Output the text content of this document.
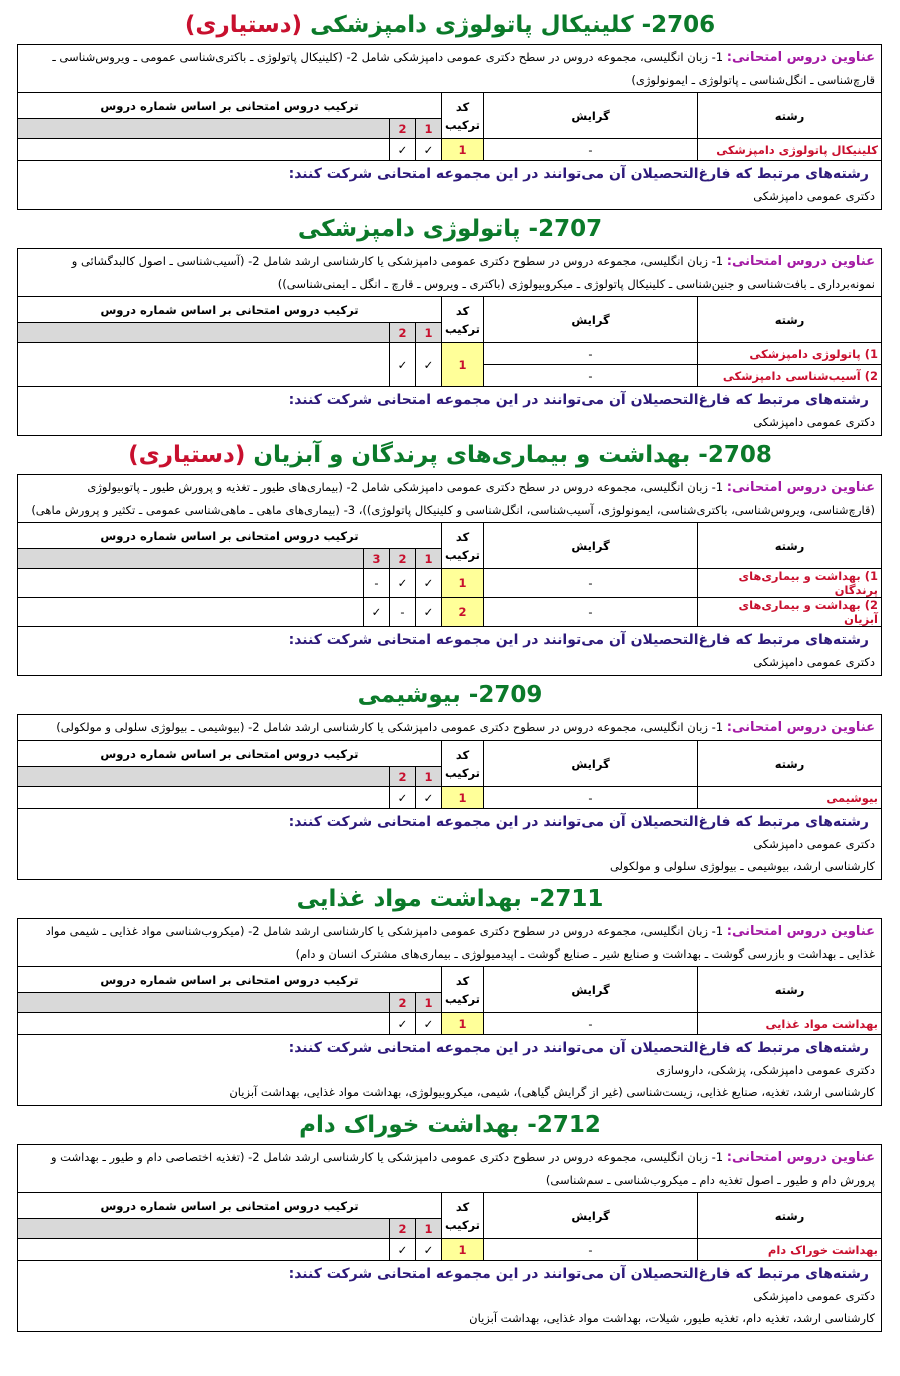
2706- کلینیکال پاتولوژی دامپزشکی (دستیاری)
عناوین دروس امتحانی: 1- زبان انگلیسی، مجموعه دروس در سطح دکتری عمومی دامپزشکی شامل 2- (کلینیکال پاتولوژی ـ باکتری‌شناسی عمومی ـ ویروس‌شناسی ـ قارچ‌شناسی ـ انگل‌شناسی ـ پاتولوژی ـ ایمونولوژی)					
رشته	گرایش	کد ترکیب	ترکیب دروس امتحانی بر اساس شماره دروس		
			1	2	
کلینیکال پاتولوژی دامپزشکی	-	1	✓	✓	

رشته‌های مرتبط که فارغ‌التحصیلان آن می‌توانند در این مجموعه امتحانی شرکت کنند:
دکتری عمومی دامپزشکی					
2707- پاتولوژی دامپزشکی
عناوین دروس امتحانی: 1- زبان انگلیسی، مجموعه دروس در سطوح دکتری عمومی دامپزشکی یا کارشناسی ارشد شامل 2- (آسیب‌شناسی ـ اصول کالبدگشائی و نمونه‌برداری ـ بافت‌شناسی و جنین‌شناسی ـ کلینیکال پاتولوژی ـ میکروبیولوژی (باکتری ـ ویروس ـ قارچ ـ انگل ـ ایمنی‌شناسی))					
رشته	گرایش	کد ترکیب	ترکیب دروس امتحانی بر اساس شماره دروس		
			1	2	
1) پاتولوژی دامپزشکی	-	1	✓	✓	
2) آسیب‌شناسی دامپزشکی	-				

رشته‌های مرتبط که فارغ‌التحصیلان آن می‌توانند در این مجموعه امتحانی شرکت کنند:
دکتری عمومی دامپزشکی					
2708- بهداشت و بیماری‌های پرندگان و آبزیان (دستیاری)
عناوین دروس امتحانی: 1- زبان انگلیسی، مجموعه دروس در سطح دکتری عمومی دامپزشکی شامل 2- (بیماری‌های طیور ـ تغذیه و پرورش طیور ـ پاتوبیولوژی (قارچ‌شناسی، ویروس‌شناسی، باکتری‌شناسی، ایمونولوژی، آسیب‌شناسی، انگل‌شناسی و کلینیکال پاتولوژی))، 3- (بیماری‌های ماهی ـ ماهی‌شناسی عمومی ـ تکثیر و پرورش ماهی)						
رشته	گرایش	کد ترکیب	ترکیب دروس امتحانی بر اساس شماره دروس			
			1	2	3	
1) بهداشت و بیماری‌های پرندگان	-	1	✓	✓	-	
2) بهداشت و بیماری‌های آبزیان	-	2	✓	-	✓	

رشته‌های مرتبط که فارغ‌التحصیلان آن می‌توانند در این مجموعه امتحانی شرکت کنند:
دکتری عمومی دامپزشکی						
2709- بیوشیمی
عناوین دروس امتحانی: 1- زبان انگلیسی، مجموعه دروس در سطوح دکتری عمومی دامپزشکی یا کارشناسی ارشد شامل 2- (بیوشیمی ـ بیولوژی سلولی و مولکولی)					
رشته	گرایش	کد ترکیب	ترکیب دروس امتحانی بر اساس شماره دروس		
			1	2	
بیوشیمی	-	1	✓	✓	

رشته‌های مرتبط که فارغ‌التحصیلان آن می‌توانند در این مجموعه امتحانی شرکت کنند:
دکتری عمومی دامپزشکی
کارشناسی ارشد، بیوشیمی ـ بیولوژی سلولی و مولکولی					
2711- بهداشت مواد غذایی
عناوین دروس امتحانی: 1- زبان انگلیسی، مجموعه دروس در سطوح دکتری عمومی دامپزشکی یا کارشناسی ارشد شامل 2- (میکروب‌شناسی مواد غذایی ـ شیمی مواد غذایی ـ بهداشت و بازرسی گوشت ـ بهداشت و صنایع شیر ـ صنایع گوشت ـ اپیدمیولوژی ـ بیماری‌های مشترک انسان و دام)					
رشته	گرایش	کد ترکیب	ترکیب دروس امتحانی بر اساس شماره دروس		
			1	2	
بهداشت مواد غذایی	-	1	✓	✓	

رشته‌های مرتبط که فارغ‌التحصیلان آن می‌توانند در این مجموعه امتحانی شرکت کنند:
دکتری عمومی دامپزشکی، پزشکی، داروسازی
کارشناسی ارشد، تغذیه، صنایع غذایی، زیست‌شناسی (غیر از گرایش گیاهی)، شیمی، میکروبیولوژی، بهداشت مواد غذایی، بهداشت آبزیان					
2712- بهداشت خوراک دام
عناوین دروس امتحانی: 1- زبان انگلیسی، مجموعه دروس در سطوح دکتری عمومی دامپزشکی یا کارشناسی ارشد شامل 2- (تغذیه اختصاصی دام و طیور ـ بهداشت و پرورش دام و طیور ـ اصول تغذیه دام ـ میکروب‌شناسی ـ سم‌شناسی)					
رشته	گرایش	کد ترکیب	ترکیب دروس امتحانی بر اساس شماره دروس		
			1	2	
بهداشت خوراک دام	-	1	✓	✓	

رشته‌های مرتبط که فارغ‌التحصیلان آن می‌توانند در این مجموعه امتحانی شرکت کنند:
دکتری عمومی دامپزشکی
کارشناسی ارشد، تغذیه دام، تغذیه طیور، شیلات، بهداشت مواد غذایی، بهداشت آبزیان					
